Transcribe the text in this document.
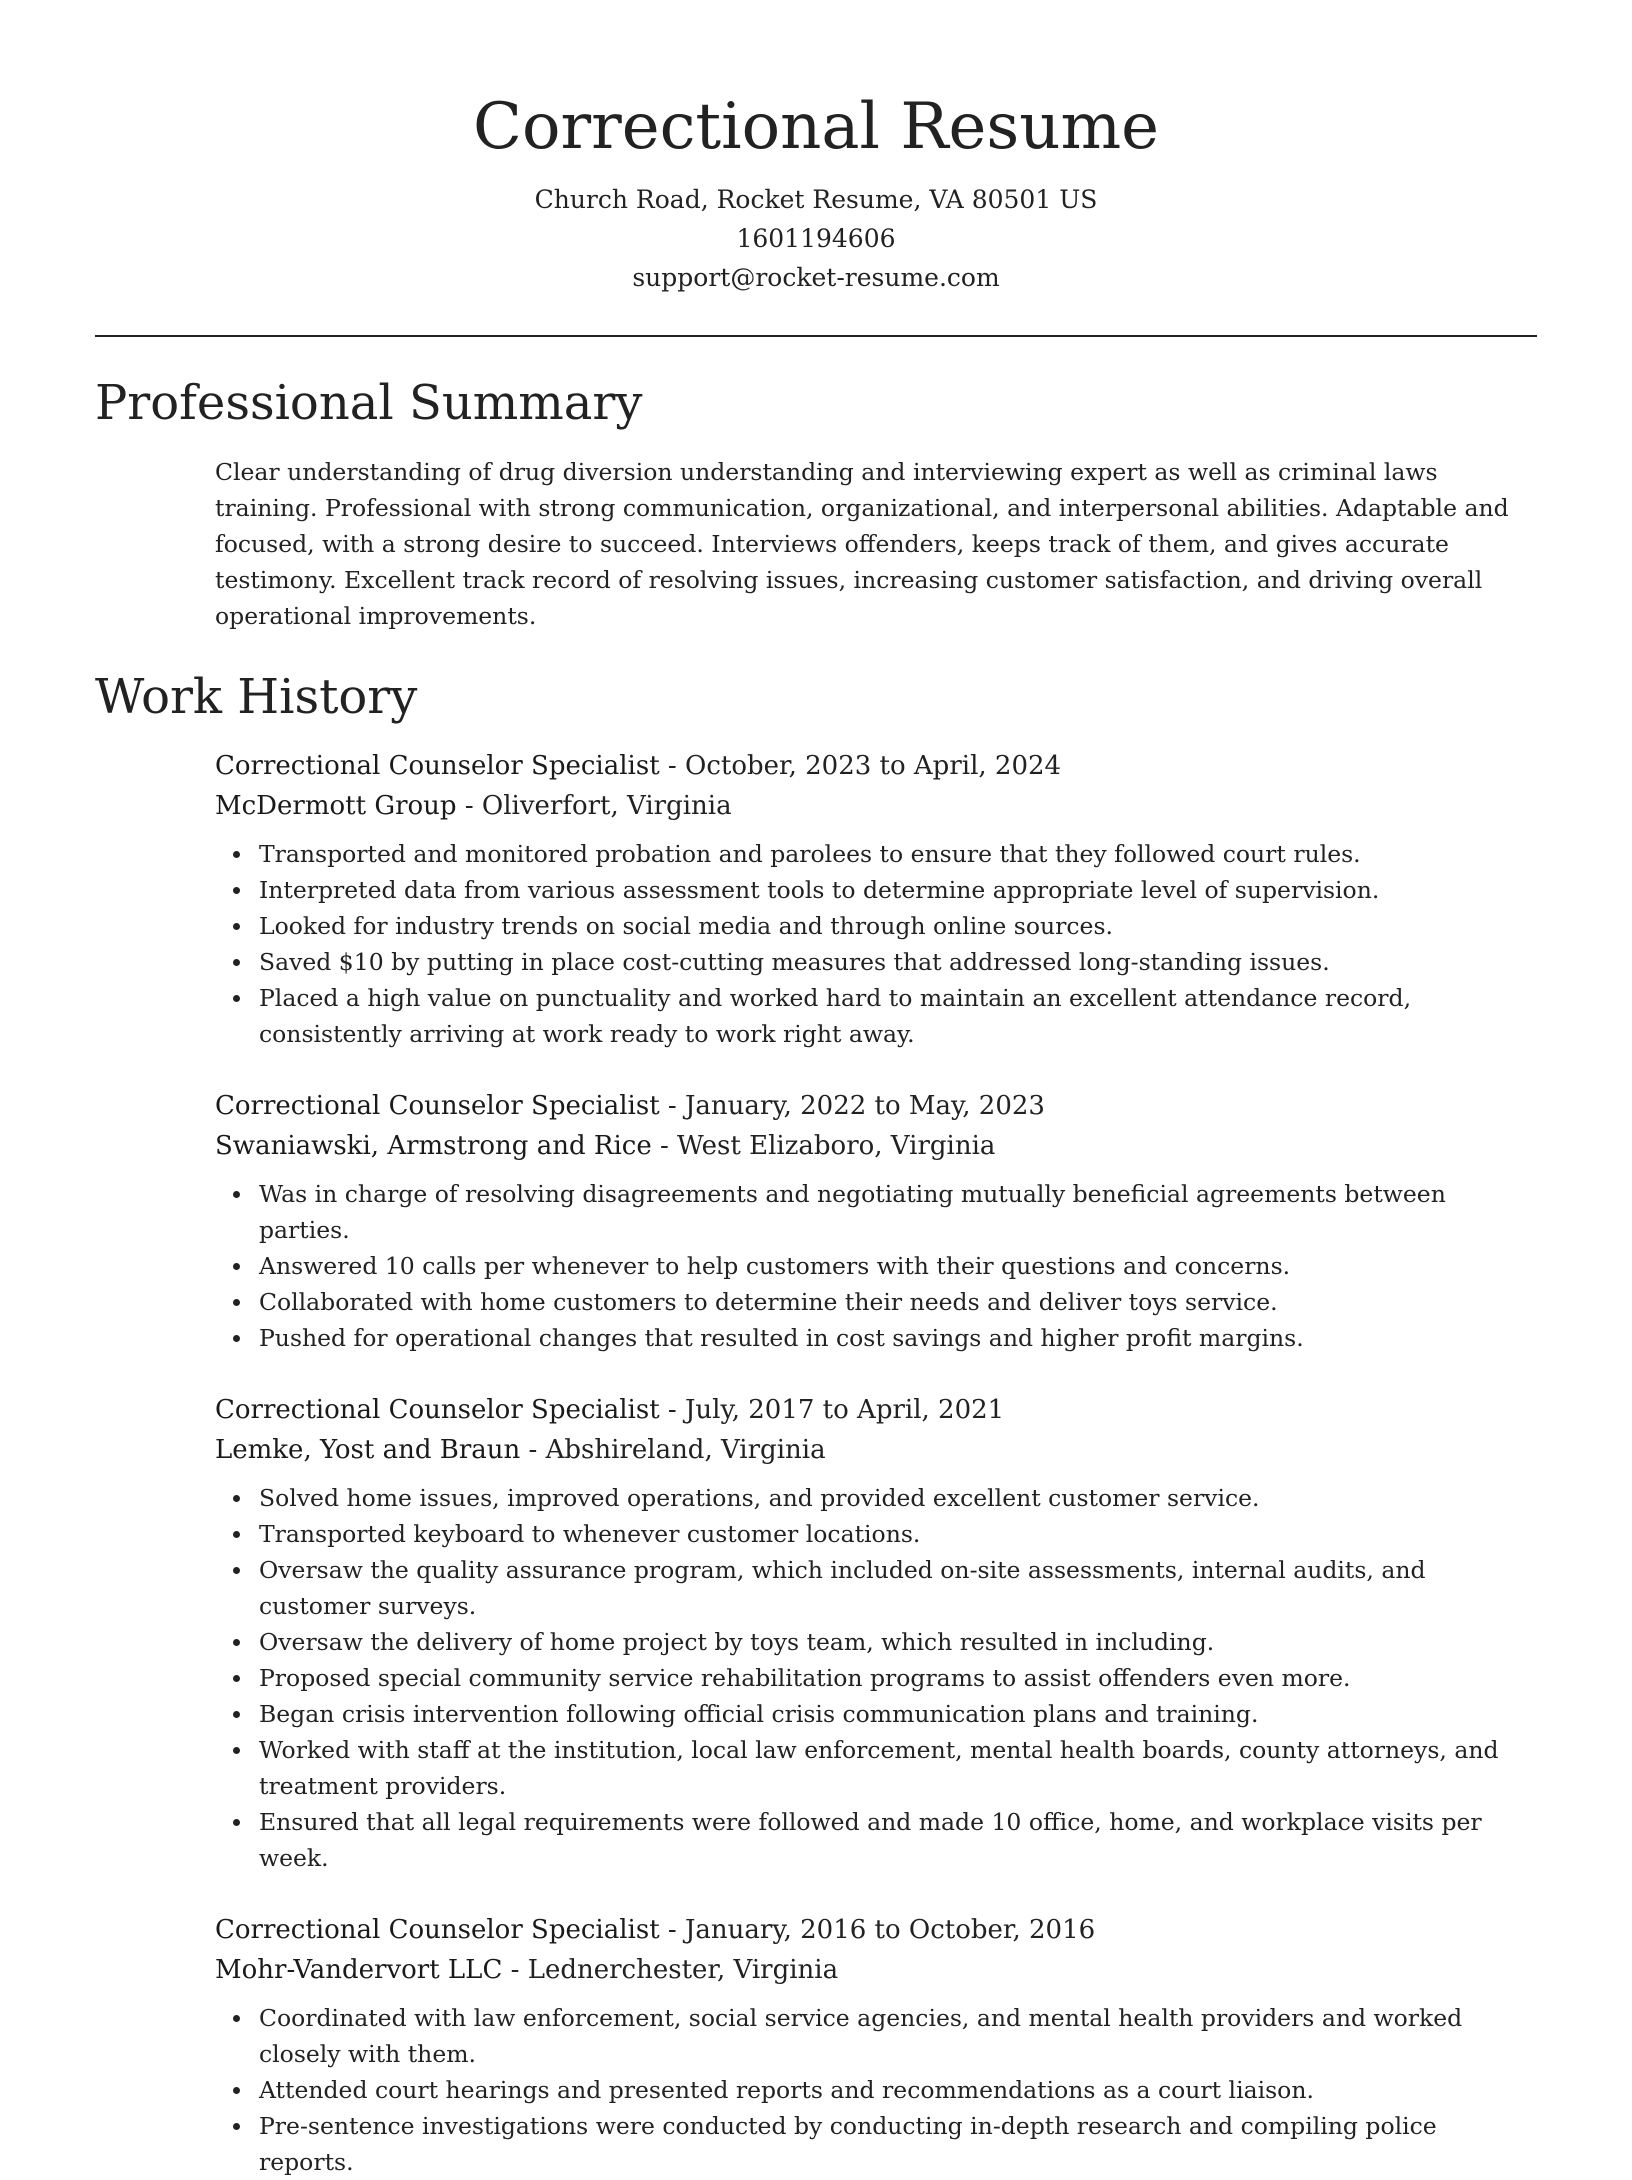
Correctional Resume

Church Road, Rocket Resume, VA 80501 US

1601194606

support@rocket-resume.com

Professional Summary

Clear understanding of drug diversion understanding and interviewing expert as well as criminal laws training. Professional with strong communication, organizational, and interpersonal abilities. Adaptable and focused, with a strong desire to succeed. Interviews offenders, keeps track of them, and gives accurate testimony. Excellent track record of resolving issues, increasing customer satisfaction, and driving overall operational improvements.

Work History

Correctional Counselor Specialist - October, 2023 to April, 2024

McDermott Group - Oliverfort, Virginia

Transported and monitored probation and parolees to ensure that they followed court rules.
Interpreted data from various assessment tools to determine appropriate level of supervision.
Looked for industry trends on social media and through online sources.
Saved $10 by putting in place cost-cutting measures that addressed long-standing issues.
Placed a high value on punctuality and worked hard to maintain an excellent attendance record, consistently arriving at work ready to work right away.

Correctional Counselor Specialist - January, 2022 to May, 2023

Swaniawski, Armstrong and Rice - West Elizaboro, Virginia

Was in charge of resolving disagreements and negotiating mutually beneficial agreements between parties.
Answered 10 calls per whenever to help customers with their questions and concerns.
Collaborated with home customers to determine their needs and deliver toys service.
Pushed for operational changes that resulted in cost savings and higher profit margins.

Correctional Counselor Specialist - July, 2017 to April, 2021

Lemke, Yost and Braun - Abshireland, Virginia

Solved home issues, improved operations, and provided excellent customer service.
Transported keyboard to whenever customer locations.
Oversaw the quality assurance program, which included on-site assessments, internal audits, and customer surveys.
Oversaw the delivery of home project by toys team, which resulted in including.
Proposed special community service rehabilitation programs to assist offenders even more.
Began crisis intervention following official crisis communication plans and training.
Worked with staff at the institution, local law enforcement, mental health boards, county attorneys, and treatment providers.
Ensured that all legal requirements were followed and made 10 office, home, and workplace visits per week.

Correctional Counselor Specialist - January, 2016 to October, 2016

Mohr-Vandervort LLC - Lednerchester, Virginia

Coordinated with law enforcement, social service agencies, and mental health providers and worked closely with them.
Attended court hearings and presented reports and recommendations as a court liaison.
Pre-sentence investigations were conducted by conducting in-depth research and compiling police reports.
